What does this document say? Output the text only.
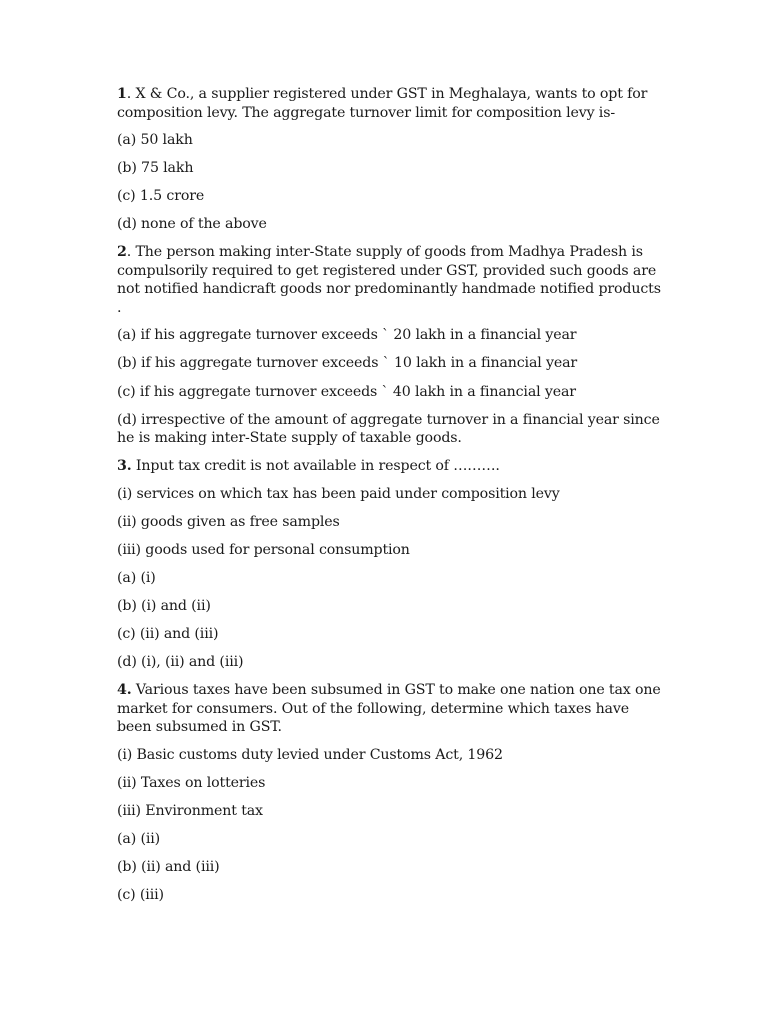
1. X & Co., a supplier registered under GST in Meghalaya, wants to opt for composition levy. The aggregate turnover limit for composition levy is-

(a) 50 lakh

(b) 75 lakh

(c) 1.5 crore

(d) none of the above

2. The person making inter-State supply of goods from Madhya Pradesh is compulsorily required to get registered under GST, provided such goods are not notified handicraft goods nor predominantly handmade notified products .

(a) if his aggregate turnover exceeds ` 20 lakh in a financial year

(b) if his aggregate turnover exceeds ` 10 lakh in a financial year

(c) if his aggregate turnover exceeds ` 40 lakh in a financial year

(d) irrespective of the amount of aggregate turnover in a financial year since he is making inter-State supply of taxable goods.

3. Input tax credit is not available in respect of ……….

(i) services on which tax has been paid under composition levy

(ii) goods given as free samples

(iii) goods used for personal consumption

(a) (i)

(b) (i) and (ii)

(c) (ii) and (iii)

(d) (i), (ii) and (iii)

4. Various taxes have been subsumed in GST to make one nation one tax one market for consumers. Out of the following, determine which taxes have been subsumed in GST.

(i) Basic customs duty levied under Customs Act, 1962

(ii) Taxes on lotteries

(iii) Environment tax

(a) (ii)

(b) (ii) and (iii)

(c) (iii)
